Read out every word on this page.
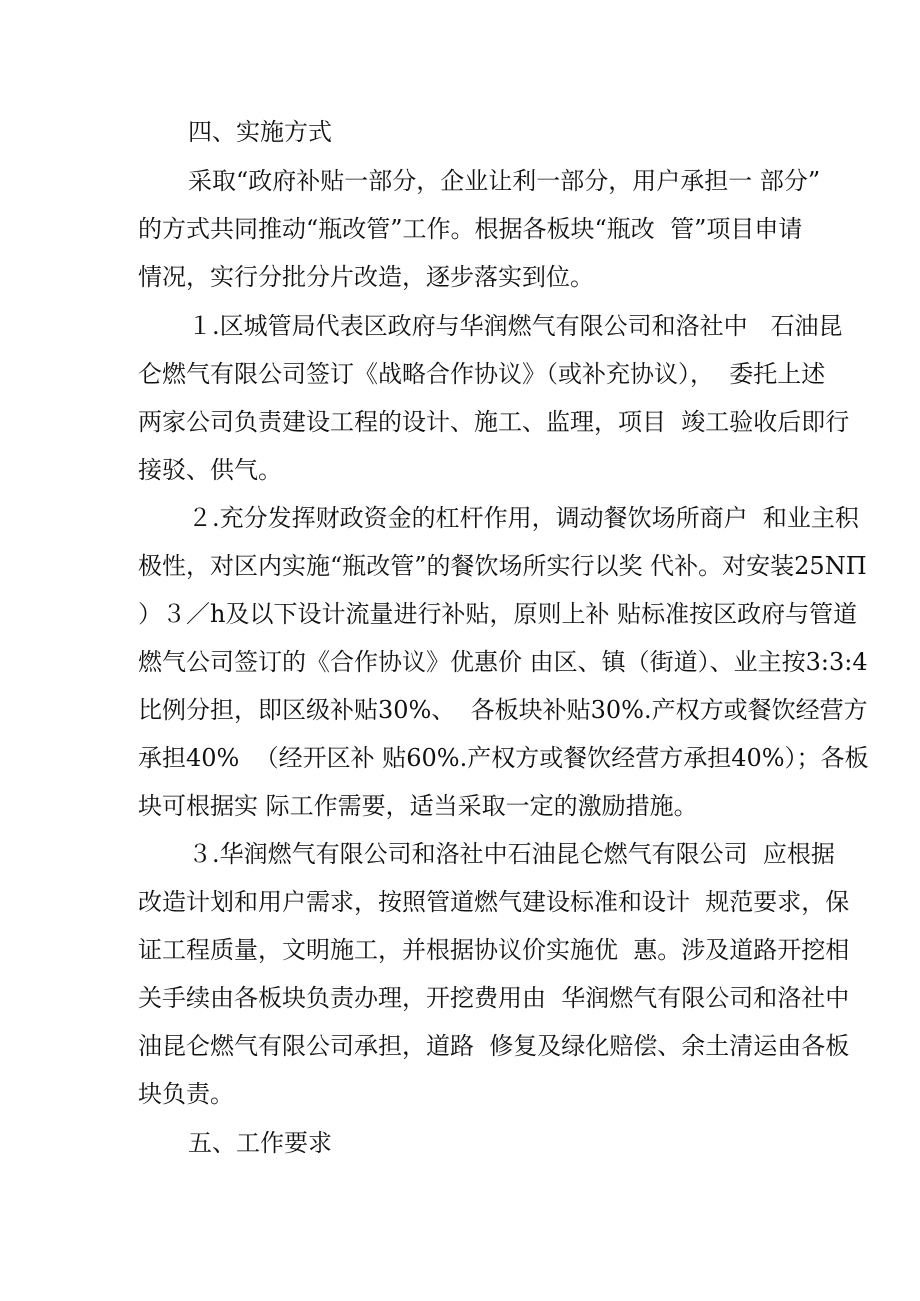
四、实施方式
采取“政府补贴一部分，企业让利一部分，用户承担一 部分”
的方式共同推动“瓶改管”工作。根据各板块“瓶改  管”项目申请
情况，实行分批分片改造，逐步落实到位。
１.区城管局代表区政府与华润燃气有限公司和洛社中   石油昆
仑燃气有限公司签订《战略合作协议》（或补充协议），  委托上述
两家公司负责建设工程的设计、施工、监理，项目  竣工验收后即行
接驳、供气。
２.充分发挥财政资金的杠杆作用，调动餐饮场所商户  和业主积
极性，对区内实施“瓶改管”的餐饮场所实行以奖 代补。对安装25NΠ
）３／h及以下设计流量进行补贴，原则上补 贴标准按区政府与管道
燃气公司签订的《合作协议》优惠价 由区、镇（街道）、业主按3:3:4
比例分担，即区级补贴30%、  各板块补贴30%.产权方或餐饮经营方
承担40%  （经开区补 贴60%.产权方或餐饮经营方承担40%）；各板
块可根据实 际工作需要，适当采取一定的激励措施。
３.华润燃气有限公司和洛社中石油昆仑燃气有限公司  应根据
改造计划和用户需求，按照管道燃气建设标准和设计  规范要求，保
证工程质量，文明施工，并根据协议价实施优  惠。涉及道路开挖相
关手续由各板块负责办理，开挖费用由  华润燃气有限公司和洛社中
油昆仑燃气有限公司承担，道路  修复及绿化赔偿、余土清运由各板
块负责。
五、工作要求
